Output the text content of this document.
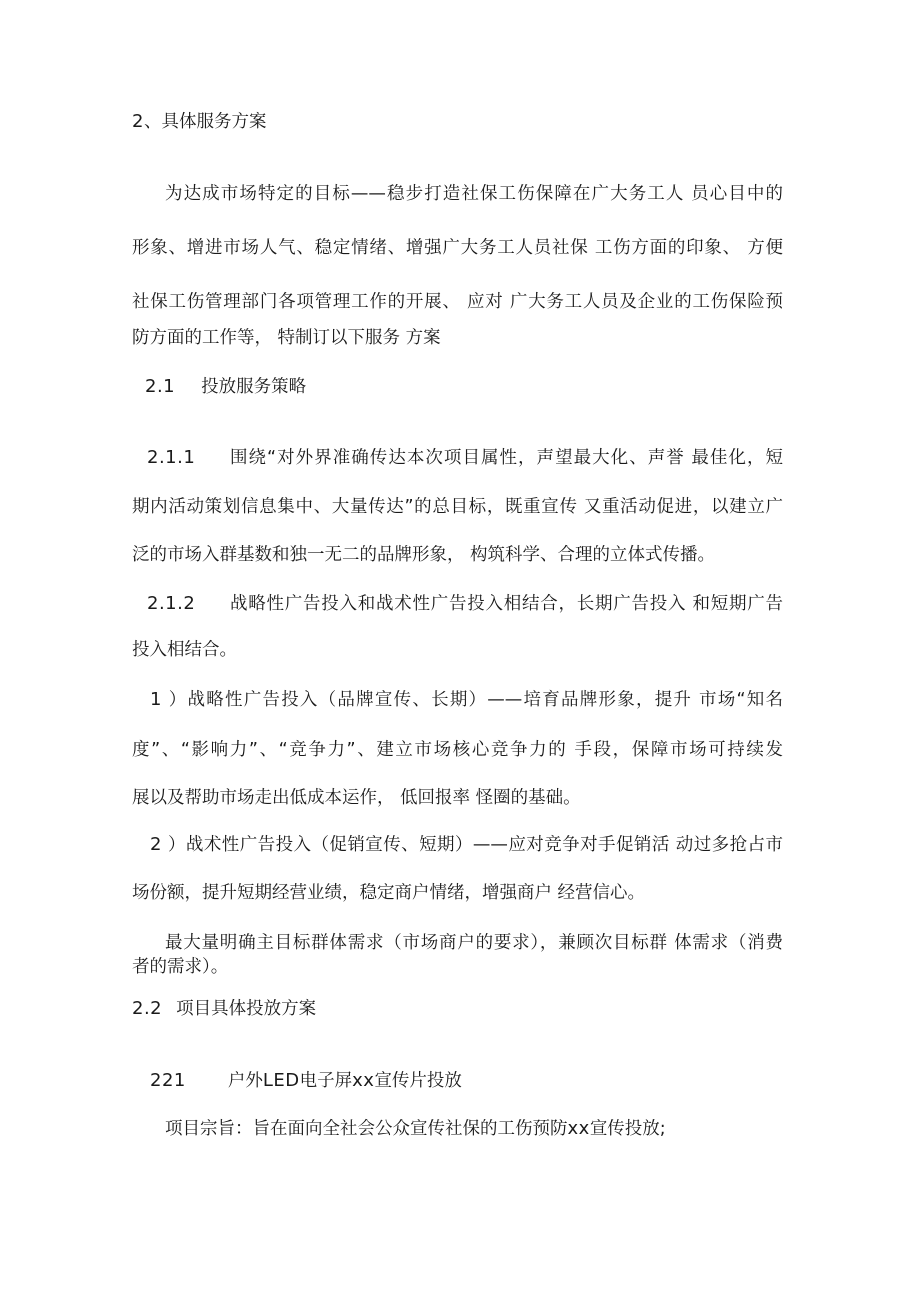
2、具体服务方案
为达成市场特定的目标——稳步打造社保工伤保障在广大务工人 员心目中的
形象、增进市场人气、稳定情绪、增强广大务工人员社保 工伤方面的印象、 方便
社保工伤管理部门各项管理工作的开展、 应对 广大务工人员及企业的工伤保险预
防方面的工作等， 特制订以下服务 方案
2.1 投放服务策略
2.1.1	围绕“对外界准确传达本次项目属性，声望最大化、声誉 最佳化，短
期内活动策划信息集中、大量传达”的总目标，既重宣传 又重活动促进，以建立广
泛的市场入群基数和独一无二的品牌形象， 构筑科学、合理的立体式传播。
2.1.2	战略性广告投入和战术性广告投入相结合，长期广告投入 和短期广告
投入相结合。
1 ）战略性广告投入（品牌宣传、长期）——培育品牌形象，提升 市场“知名
度”、“影响力”、“竞争力”、建立市场核心竞争力的 手段，保障市场可持续发
展以及帮助市场走出低成本运作， 低回报率 怪圈的基础。
2 ）战术性广告投入（促销宣传、短期）——应对竞争对手促销活 动过多抢占市
场份额，提升短期经营业绩，稳定商户情绪，增强商户 经营信心。
最大量明确主目标群体需求（市场商户的要求），兼顾次目标群 体需求（消费
者的需求）。
2.2 项目具体投放方案
221 户外LED电子屏xx宣传片投放
项目宗旨：旨在面向全社会公众宣传社保的工伤预防xx宣传投放;
